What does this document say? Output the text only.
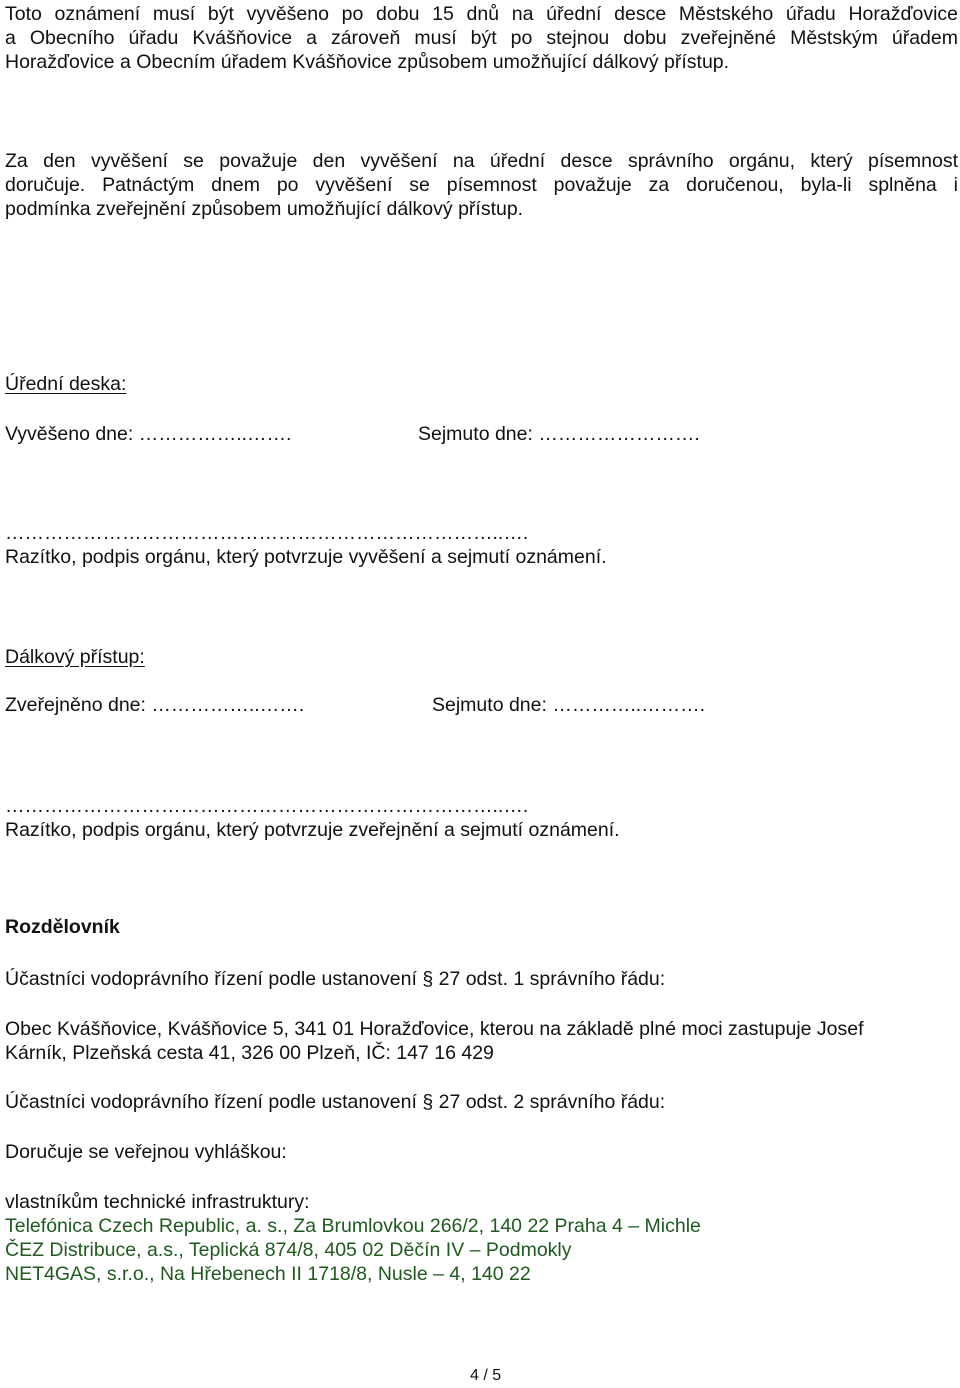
Toto oznámení musí být vyvěšeno po dobu 15 dnů na úřední desce Městského úřadu Horažďovice
a Obecního úřadu Kvášňovice a zároveň musí být po stejnou dobu zveřejněné Městským úřadem
Horažďovice a Obecním úřadem Kvášňovice způsobem umožňující dálkový přístup.
Za den vyvěšení se považuje den vyvěšení na úřední desce správního orgánu, který písemnost
doručuje. Patnáctým dnem po vyvěšení se písemnost považuje za doručenou, byla-li splněna i
podmínka zveřejnění způsobem umožňující dálkový přístup.
Úřední deska:
Vyvěšeno dne: ……………..…….	Sejmuto dne: …………………….
…………………………………………………………………..….
Razítko, podpis orgánu, který potvrzuje vyvěšení a sejmutí oznámení.
Dálkový přístup:
Zveřejněno dne: ……………..…….	Sejmuto dne: …………..……….
…………………………………………………………………..….
Razítko, podpis orgánu, který potvrzuje zveřejnění a sejmutí oznámení.
Rozdělovník
Účastníci vodoprávního řízení podle ustanovení § 27 odst. 1 správního řádu:
Obec Kvášňovice, Kvášňovice 5, 341 01 Horažďovice, kterou na základě plné moci zastupuje Josef
Kárník, Plzeňská cesta 41, 326 00 Plzeň, IČ: 147 16 429
Účastníci vodoprávního řízení podle ustanovení § 27 odst. 2 správního řádu:
Doručuje se veřejnou vyhláškou:
vlastníkům technické infrastruktury:
Telefónica Czech Republic, a. s., Za Brumlovkou 266/2, 140 22 Praha 4 – Michle
ČEZ Distribuce, a.s., Teplická 874/8, 405 02 Děčín IV – Podmokly
NET4GAS, s.r.o., Na Hřebenech II 1718/8, Nusle – 4, 140 22
4 / 5
